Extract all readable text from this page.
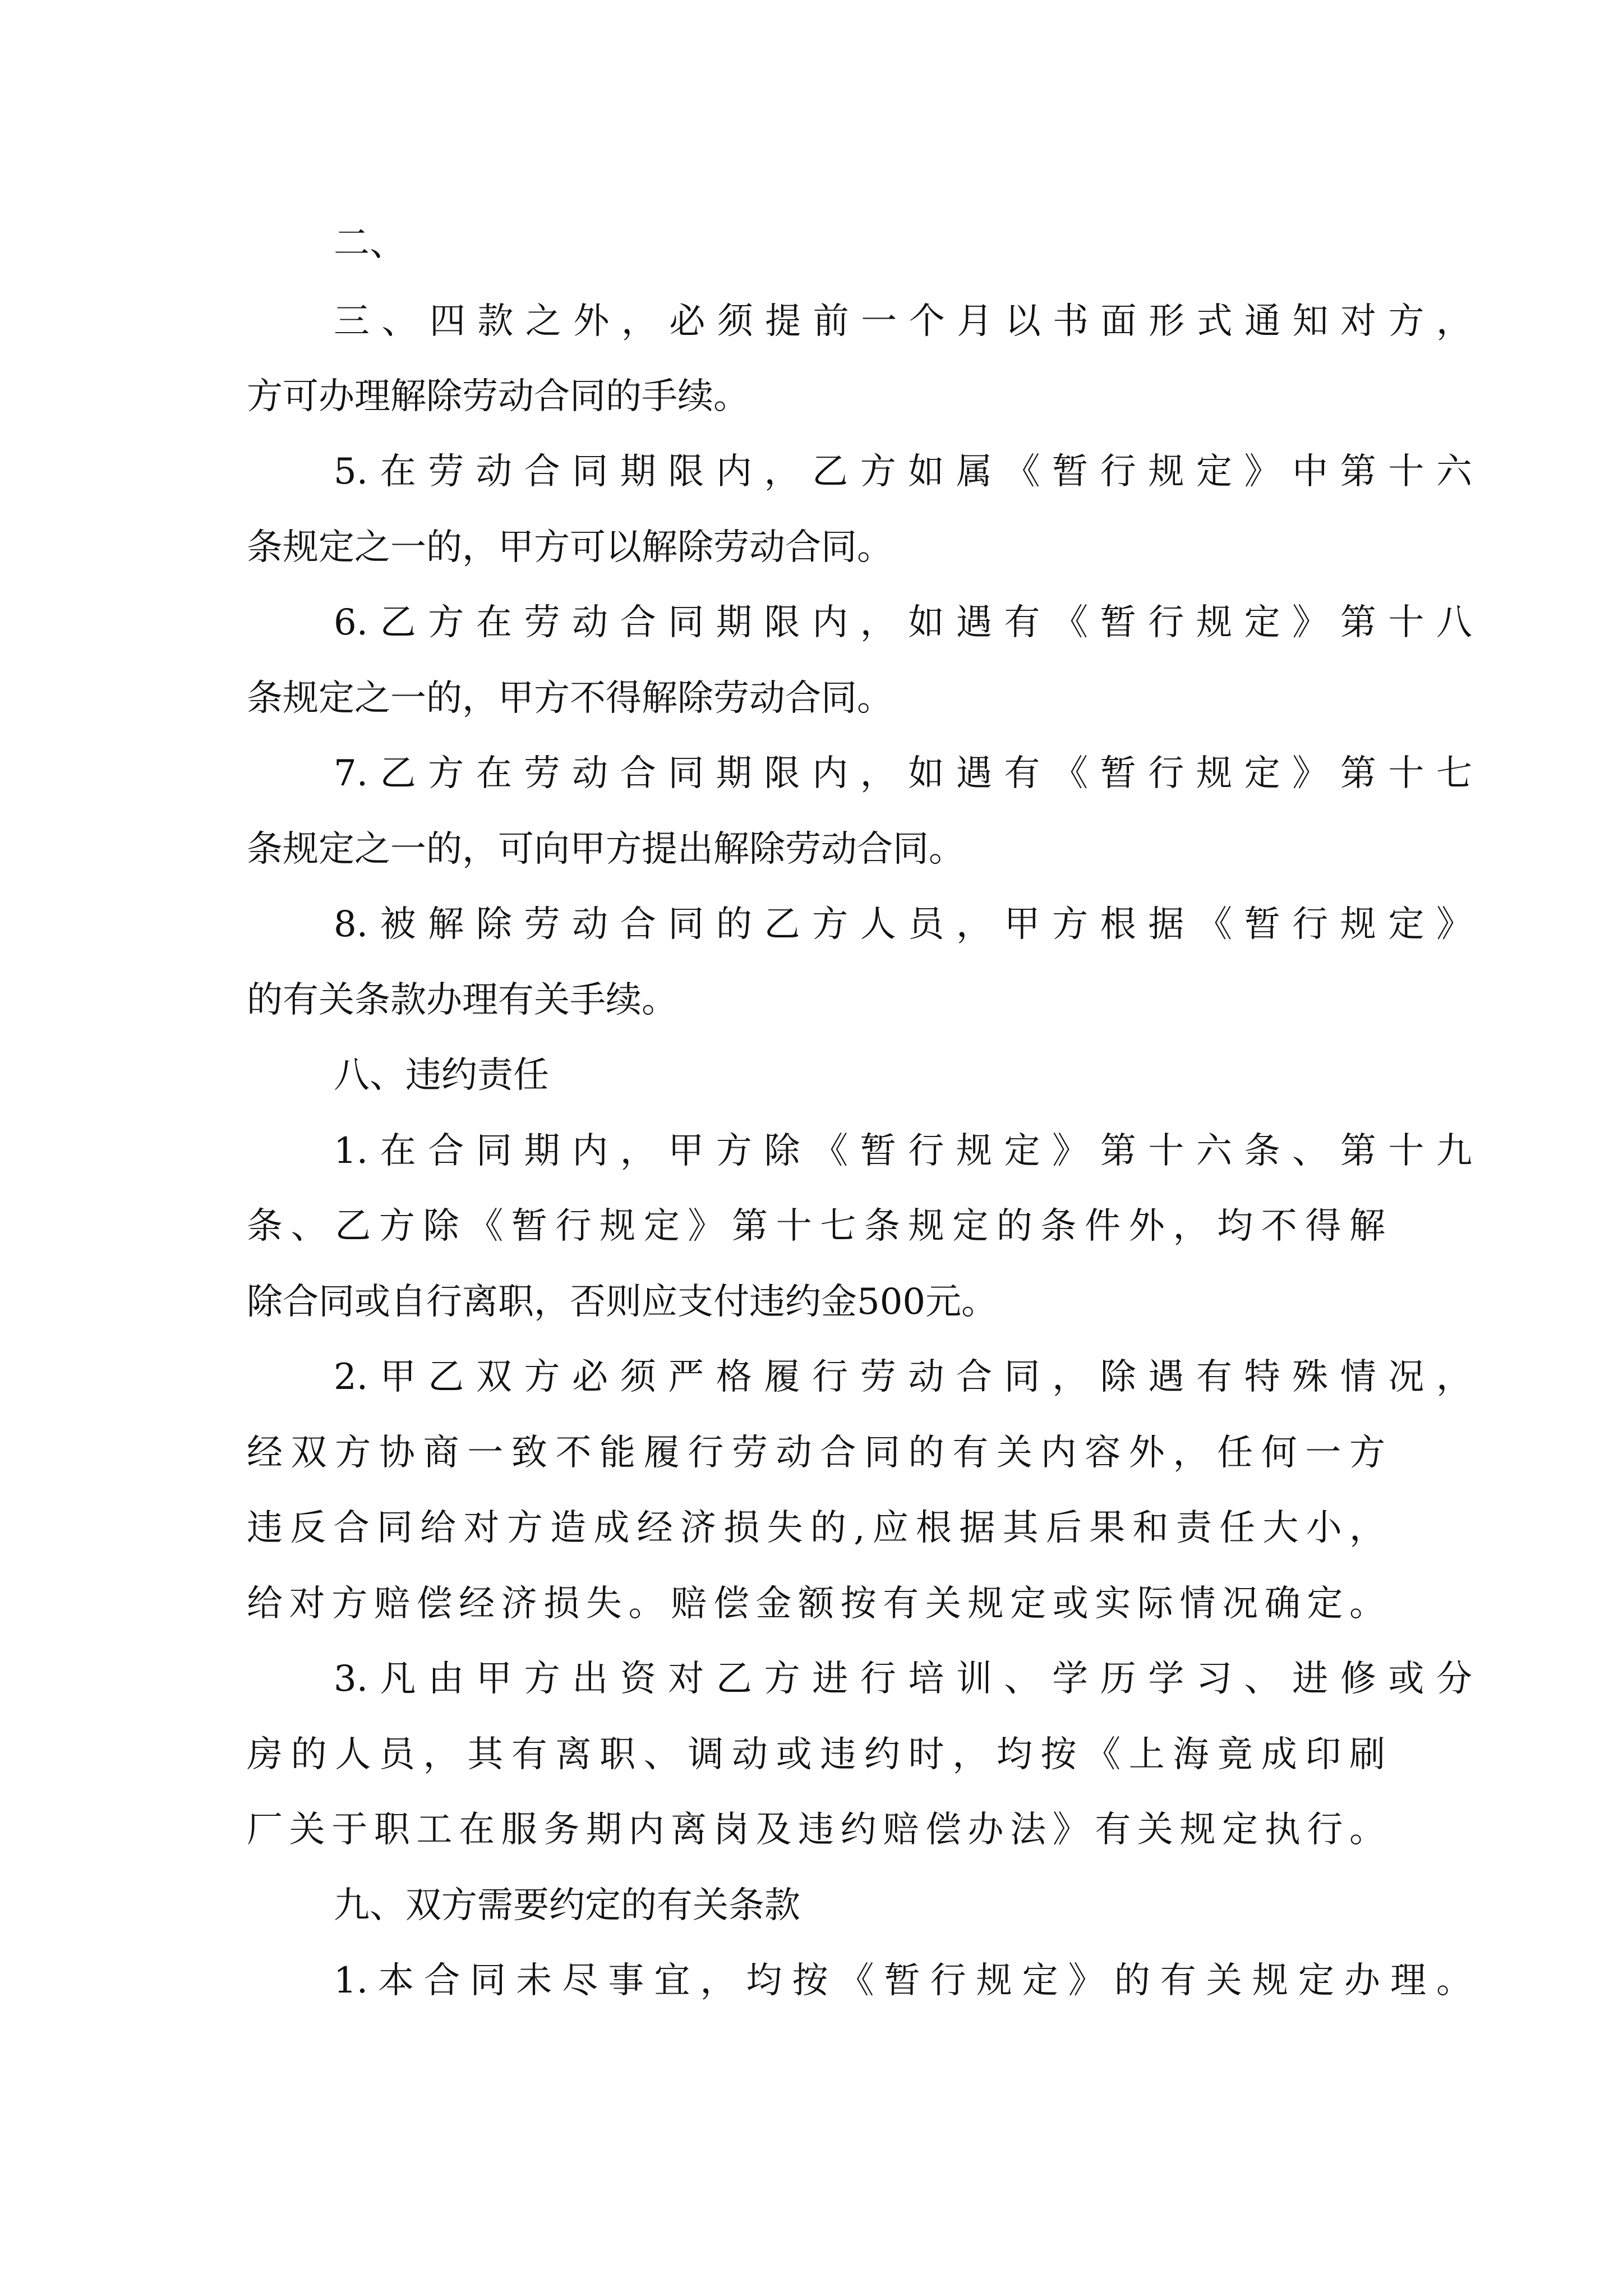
二、

三、四款之外，必须提前一个月以书面形式通知对方，

方可办理解除劳动合同的手续。

5.在劳动合同期限内，乙方如属《暂行规定》中第十六

条规定之一的，甲方可以解除劳动合同。

6.乙方在劳动合同期限内，如遇有《暂行规定》第十八

条规定之一的，甲方不得解除劳动合同。

7.乙方在劳动合同期限内，如遇有《暂行规定》第十七

条规定之一的，可向甲方提出解除劳动合同。

8.被解除劳动合同的乙方人员，甲方根据《暂行规定》

的有关条款办理有关手续。

八、违约责任

1.在合同期内，甲方除《暂行规定》第十六条、第十九

条、乙方除《暂行规定》第十七条规定的条件外，均不得解

除合同或自行离职，否则应支付违约金500元。

2.甲乙双方必须严格履行劳动合同，除遇有特殊情况，

经双方协商一致不能履行劳动合同的有关内容外，任何一方

违反合同给对方造成经济损失的,应根据其后果和责任大小，

给对方赔偿经济损失。赔偿金额按有关规定或实际情况确定。

3.凡由甲方出资对乙方进行培训、学历学习、进修或分

房的人员，其有离职、调动或违约时，均按《上海竟成印刷

厂关于职工在服务期内离岗及违约赔偿办法》有关规定执行。

九、双方需要约定的有关条款

1.本合同未尽事宜，均按《暂行规定》的有关规定办理。
